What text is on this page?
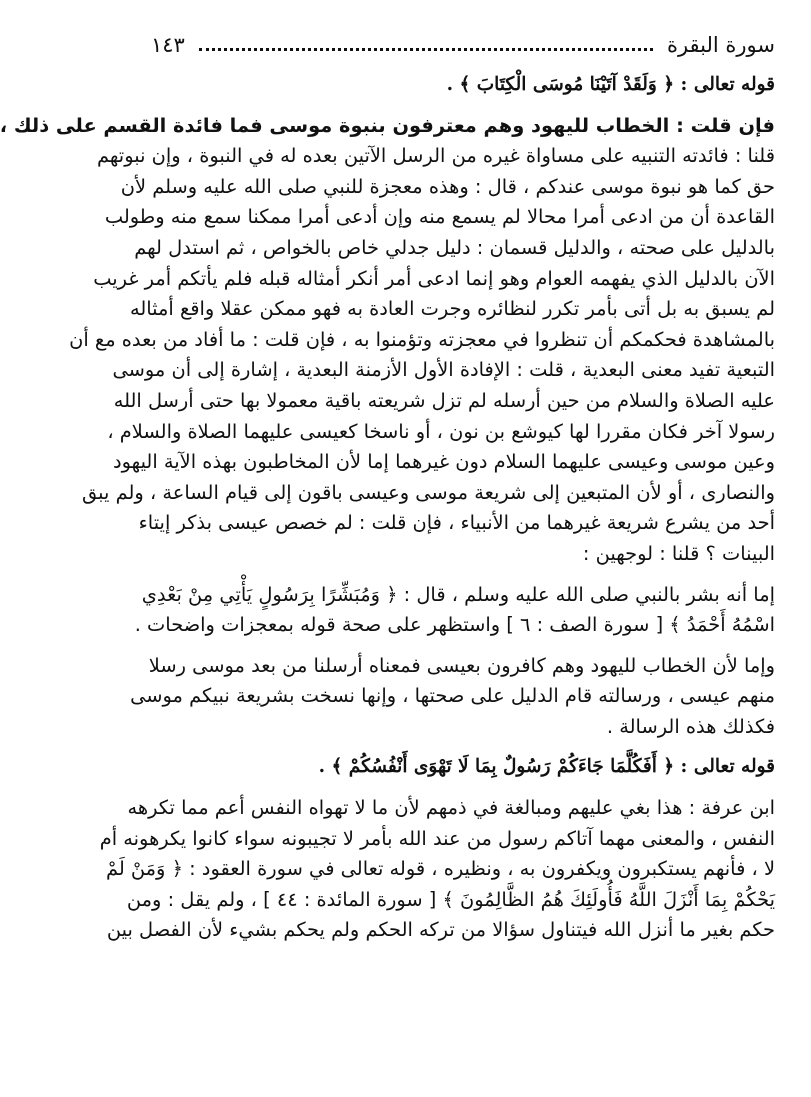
سورة البقرة
١٤٣

قوله تعالى : ﴿ وَلَقَدْ آتَيْنَا مُوسَى الْكِتَابَ ﴾ .

فإن قلت : الخطاب لليهود وهم معترفون بنبوة موسى فما فائدة القسم على ذلك ،
قلنا : فائدته التنبيه على مساواة غيره من الرسل الآتين بعده له في النبوة ، وإن نبوتهم
حق كما هو نبوة موسى عندكم ، قال : وهذه معجزة للنبي صلى الله عليه وسلم لأن
القاعدة أن من ادعى أمرا محالا لم يسمع منه وإن أدعى أمرا ممكنا سمع منه وطولب
بالدليل على صحته ، والدليل قسمان : دليل جدلي خاص بالخواص ، ثم استدل لهم
الآن بالدليل الذي يفهمه العوام وهو إنما ادعى أمر أنكر أمثاله قبله فلم يأتكم أمر غريب
لم يسبق به بل أتى بأمر تكرر لنظائره وجرت العادة به فهو ممكن عقلا واقع أمثاله
بالمشاهدة فحكمكم أن تنظروا في معجزته وتؤمنوا به ، فإن قلت : ما أفاد من بعده مع أن
التبعية تفيد معنى البعدية ، قلت : الإفادة الأول الأزمنة البعدية ، إشارة إلى أن موسى
عليه الصلاة والسلام من حين أرسله لم تزل شريعته باقية معمولا بها حتى أرسل الله
رسولا آخر فكان مقررا لها كيوشع بن نون ، أو ناسخا كعيسى عليهما الصلاة والسلام ،
وعين موسى وعيسى عليهما السلام دون غيرهما إما لأن المخاطبون بهذه الآية اليهود
والنصارى ، أو لأن المتبعين إلى شريعة موسى وعيسى باقون إلى قيام الساعة ، ولم يبق
أحد من يشرع شريعة غيرهما من الأنبياء ، فإن قلت : لم خصص عيسى بذكر إيتاء
البينات ؟ قلنا : لوجهين :

إما أنه بشر بالنبي صلى الله عليه وسلم ، قال : ﴿ وَمُبَشِّرًا بِرَسُولٍ يَأْتِي مِنْ بَعْدِي
اسْمُهُ أَحْمَدُ ﴾ [ سورة الصف : ٦ ] واستظهر على صحة قوله بمعجزات واضحات .

وإما لأن الخطاب لليهود وهم كافرون بعيسى فمعناه أرسلنا من بعد موسى رسلا
منهم عيسى ، ورسالته قام الدليل على صحتها ، وإنها نسخت بشريعة نبيكم موسى
فكذلك هذه الرسالة .

قوله تعالى : ﴿ أَفَكُلَّمَا جَاءَكُمْ رَسُولٌ بِمَا لَا تَهْوَى أَنْفُسُكُمْ ﴾ .

ابن عرفة : هذا بغي عليهم ومبالغة في ذمهم لأن ما لا تهواه النفس أعم مما تكرهه
النفس ، والمعنى مهما آتاكم رسول من عند الله بأمر لا تجيبونه سواء كانوا يكرهونه أم
لا ، فأنهم يستكبرون ويكفرون به ، ونظيره ، قوله تعالى في سورة العقود : ﴿ وَمَنْ لَمْ
يَحْكُمْ بِمَا أَنْزَلَ اللَّهُ فَأُولَئِكَ هُمُ الظَّالِمُونَ ﴾ [ سورة المائدة : ٤٤ ] ، ولم يقل : ومن
حكم بغير ما أنزل الله فيتناول سؤالا من تركه الحكم ولم يحكم بشيء لأن الفصل بين
